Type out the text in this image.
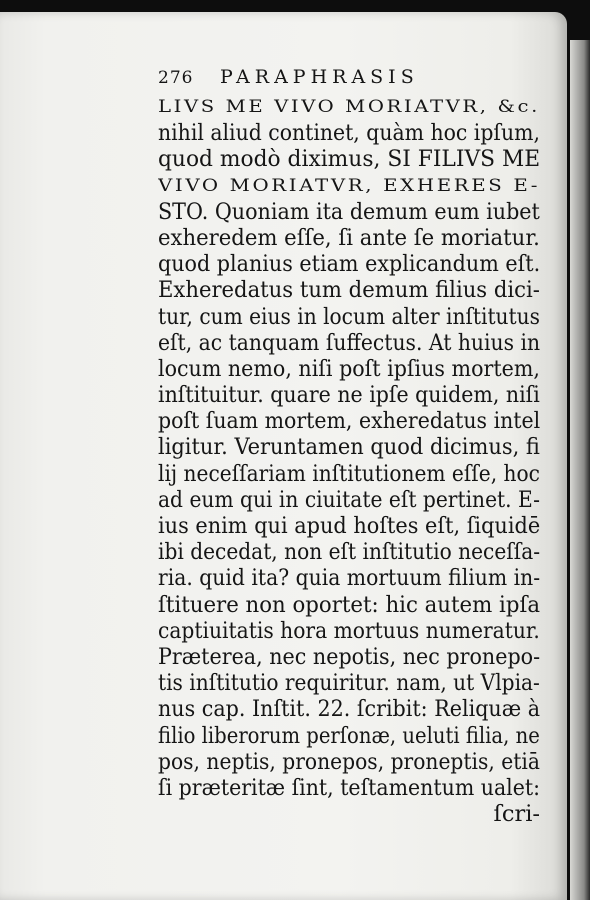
276	PARAPHRASIS
LIVS ME VIVO MORIATVR, &c.
nihil aliud continet, quàm hoc ipſum,
quod modò diximus, SI FILIVS ME
VIVO MORIATVR, EXHERES E-
STO. Quoniam ita demum eum iubet
exheredem eſſe, ſi ante ſe moriatur.
quod planius etiam explicandum eſt.
Exheredatus tum demum filius dici-
tur, cum eius in locum alter inſtitutus
eſt, ac tanquam ſuffectus. At huius in
locum nemo, niſi poſt ipſius mortem,
inſtituitur. quare ne ipſe quidem, niſi
poſt ſuam mortem, exheredatus intel
ligitur. Veruntamen quod dicimus, fi
lij neceſſariam inſtitutionem eſſe, hoc
ad eum qui in ciuitate eſt pertinet. E-
ius enim qui apud hoſtes eſt, ſiquidē
ibi decedat, non eſt inſtitutio neceſſa-
ria. quid ita? quia mortuum filium in-
ſtituere non oportet: hic autem ipſa
captiuitatis hora mortuus numeratur.
Præterea, nec nepotis, nec pronepo-
tis inſtitutio requiritur. nam, ut Vlpia-
nus cap. Inſtit. 22. ſcribit: Reliquæ à
filio liberorum perſonæ, ueluti filia, ne
pos, neptis, pronepos, proneptis, etiā
ſi præteritæ ſint, teſtamentum ualet:
ſcri-
